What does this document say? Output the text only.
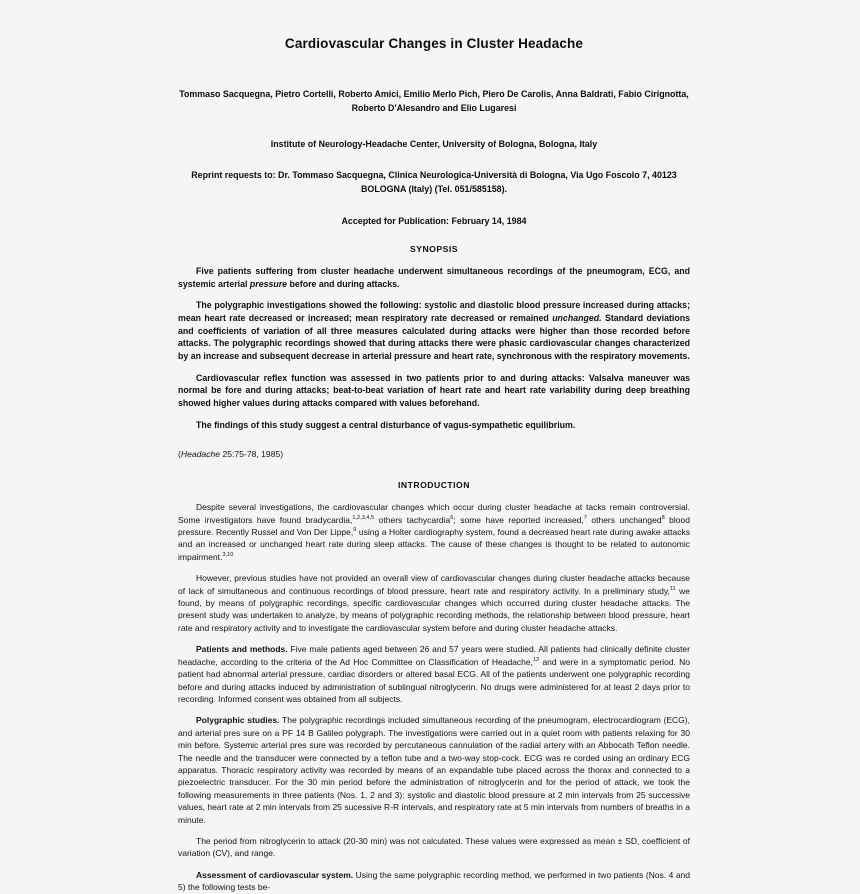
Cardiovascular Changes in Cluster Headache

Tommaso Sacquegna, Pietro Cortelli, Roberto Amici, Emilio Merlo Pich, Piero De Carolis, Anna Baldrati, Fabio Cirignotta, Roberto D'Alesandro and Elio Lugaresi

Institute of Neurology-Headache Center, University of Bologna, Bologna, Italy

Reprint requests to: Dr. Tommaso Sacquegna, Clinica Neurologica-Università di Bologna, Via Ugo Foscolo 7, 40123 BOLOGNA (Italy) (Tel. 051/585158).

Accepted for Publication: February 14, 1984

SYNOPSIS

Five patients suffering from cluster headache underwent simultaneous recordings of the pneumogram, ECG, and systemic arterial pressure before and during attacks.

The polygraphic investigations showed the following: systolic and diastolic blood pressure increased during attacks; mean heart rate decreased or increased; mean respiratory rate decreased or remained unchanged. Standard deviations and coefficients of variation of all three measures calculated during attacks were higher than those recorded before attacks. The polygraphic recordings showed that during attacks there were phasic cardiovascular changes characterized by an increase and subsequent decrease in arterial pressure and heart rate, synchronous with the respiratory movements.

Cardiovascular reflex function was assessed in two patients prior to and during attacks: Valsalva maneuver was normal be fore and during attacks; beat-to-beat variation of heart rate and heart rate variability during deep breathing showed higher values during attacks compared with values beforehand.

The findings of this study suggest a central disturbance of vagus-sympathetic equilibrium.

(Headache 25:75-78, 1985)

INTRODUCTION

Despite several investigations, the cardiovascular changes which occur during cluster headache at tacks remain controversial. Some investigators have found bradycardia,$^{1,2,3,4,5}$ others tachycardia$^6$; some have reported increased,$^7$ others unchanged$^8$ blood pressure. Recently Russel and Von Der Lippe,$^9$ using a Holter cardiography system, found a decreased heart rate during awake attacks and an increased or unchanged heart rate during sleep attacks. The cause of these changes is thought to be related to autonomic impairment.$^{3,10}$

However, previous studies have not provided an overall view of cardiovascular changes during cluster headache attacks because of lack of simultaneous and continuous recordings of blood pressure, heart rate and respiratory activity. In a preliminary study,$^{11}$ we found, by means of polygraphic recordings, specific cardiovascular changes which occurred during cluster headache attacks. The present study was undertaken to analyze, by means of polygraphic recording methods, the relationship between blood pressure, heart rate and respiratory activity and to investigate the cardiovascular system before and during cluster headache attacks.

Patients and methods. Five male patients aged between 26 and 57 years were studied. All patients had clinically definite cluster headache, according to the criteria of the Ad Hoc Committee on Classification of Headache,$^{12}$ and were in a symptomatic period. No patient had abnormal arterial pressure, cardiac disorders or altered basal ECG. All of the patients underwent one polygraphic recording before and during attacks induced by administration of sublingual nitroglycerin. No drugs were administered for at least 2 days prior to recording. Informed consent was obtained from all subjects.

Polygraphic studies. The polygraphic recordings included simultaneous recording of the pneumogram, electrocardiogram (ECG), and arterial pres sure on a PF 14 B Galileo polygraph. The investigations were carried out in a quiet room with patients relaxing for 30 min before. Systemic arterial pres sure was recorded by percutaneous cannulation of the radial artery with an Abbocath Teflon needle. The needle and the transducer were connected by a teflon tube and a two-way stop-cock. ECG was re corded using an ordinary ECG apparatus. Thoracic respiratory activity was recorded by means of an expandable tube placed across the thorax and connected to a piezoelectric transducer. For the 30 min period before the administration of nitroglycerin and for the period of attack, we took the following measurements in three patients (Nos. 1, 2 and 3): systolic and diastolic blood pressure at 2 min intervals from 25 successive values, heart rate at 2 min intervals from 25 sucessive R-R intervals, and respiratory rate at 5 min intervals from numbers of breaths in a minute.

The period from nitroglycerin to attack (20-30 min) was not calculated. These values were expressed as mean ± SD, coefficient of variation (CV), and range.

Assessment of cardiovascular system. Using the same polygraphic recording method, we performed in two patients (Nos. 4 and 5) the following tests be-
